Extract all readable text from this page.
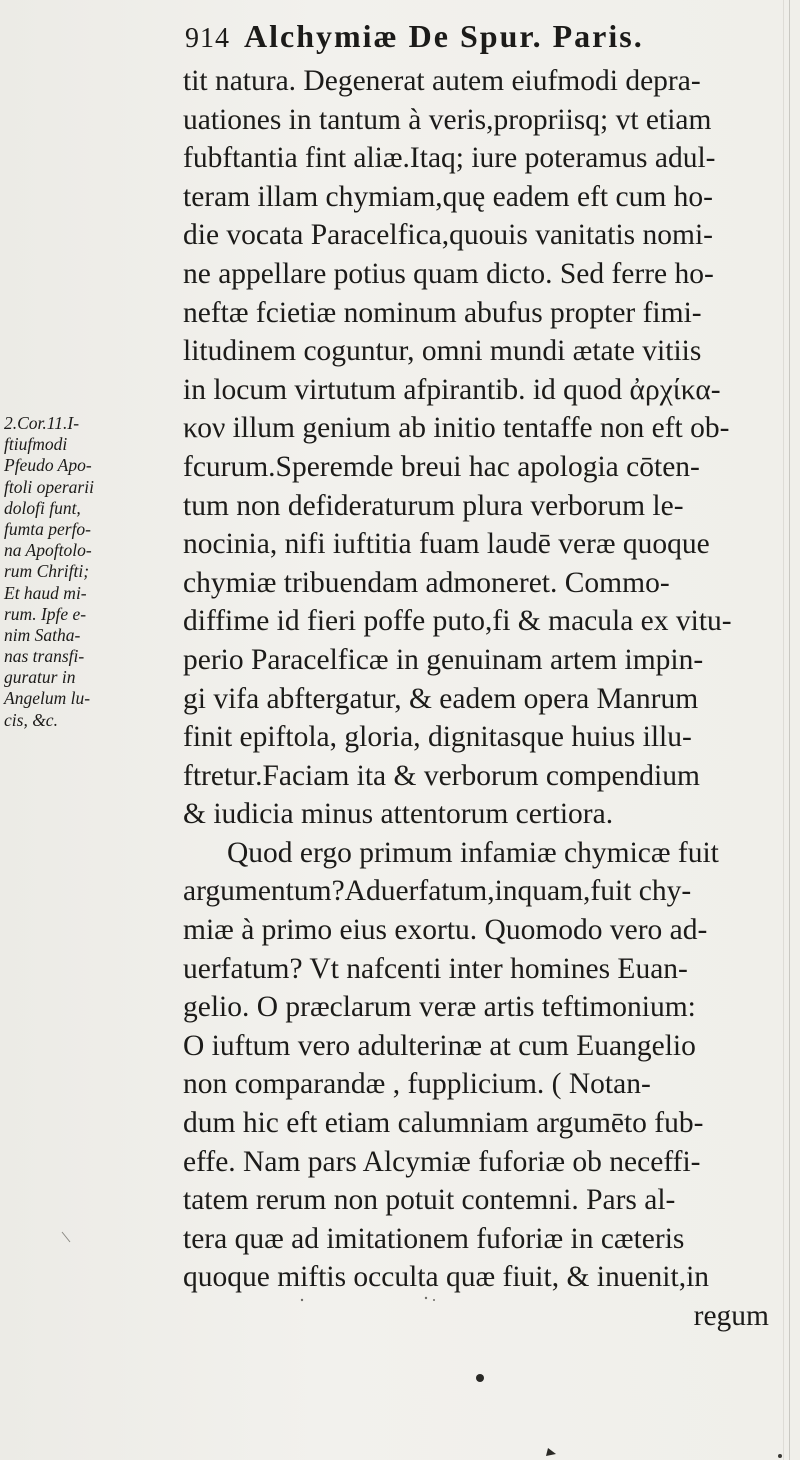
914 Alchymiæ De Spur. Paris.
tit natura. Degenerat autem eiufmodi depra-
uationes in tantum à veris,propriisq; vt etiam
fubftantia fint aliæ.Itaq; iure poteramus adul-
teram illam chymiam,quę eadem eft cum ho-
die vocata Paracelfica,quouis vanitatis nomi-
ne appellare potius quam dicto. Sed ferre ho-
neftæ fcietiæ nominum abufus propter fimi-
litudinem coguntur, omni mundi ætate vitiis
in locum virtutum afpirantib. id quod ἀρχίκα-
κον illum genium ab initio tentaffe non eft ob-
fcurum.Speremde breui hac apologia cōten-
tum non defideraturum plura verborum le-
nocinia, nifi iuftitia fuam laudē veræ quoque
chymiæ tribuendam admoneret. Commo-
diffime id fieri poffe puto,fi & macula ex vitu-
perio Paracelficæ in genuinam artem impin-
gi vifa abftergatur, & eadem opera Manrum
finit epiftola, gloria, dignitasque huius illu-
ftretur.Faciam ita & verborum compendium
& iudicia minus attentorum certiora.
Quod ergo primum infamiæ chymicæ fuit
argumentum?Aduerfatum,inquam,fuit chy-
miæ à primo eius exortu. Quomodo vero ad-
uerfatum? Vt nafcenti inter homines Euan-
gelio. O præclarum veræ artis teftimonium:
O iuftum vero adulterinæ at cum Euangelio
non comparandæ , fupplicium. ( Notan-
dum hic eft etiam calumniam argumēto fub-
effe. Nam pars Alcymiæ fuforiæ ob neceffi-
tatem rerum non potuit contemni. Pars al-
tera quæ ad imitationem fuforiæ in cæteris
quoque miftis occulta quæ fiuit, & inuenit,in
regum
2.Cor.11.I-
ftiufmodi
Pfeudo Apo-
ftoli operarii
dolofi funt,
fumta perfo-
na Apoftolo-
rum Chrifti;
Et haud mi-
rum. Ipfe e-
nim Satha-
nas transfi-
guratur in
Angelum lu-
cis, &c.
